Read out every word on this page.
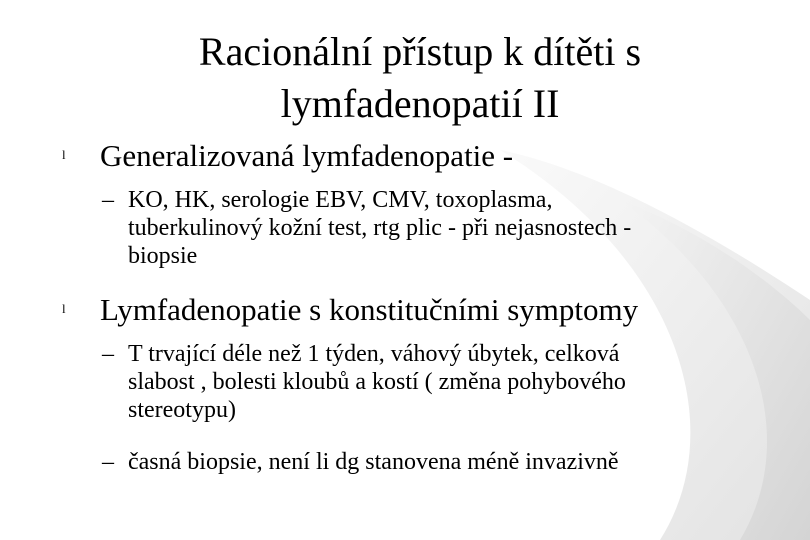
Racionální přístup k dítěti s
lymfadenopatií II
l Generalizovaná lymfadenopatie -
– KO, HK, serologie EBV, CMV, toxoplasma,
tuberkulinový kožní test, rtg plic - při nejasnostech -
biopsie
l Lymfadenopatie s konstitučními symptomy
– T trvající déle než 1 týden, váhový úbytek, celková
slabost , bolesti kloubů a kostí ( změna pohybového
stereotypu)
– časná biopsie, není li dg stanovena méně invazivně
